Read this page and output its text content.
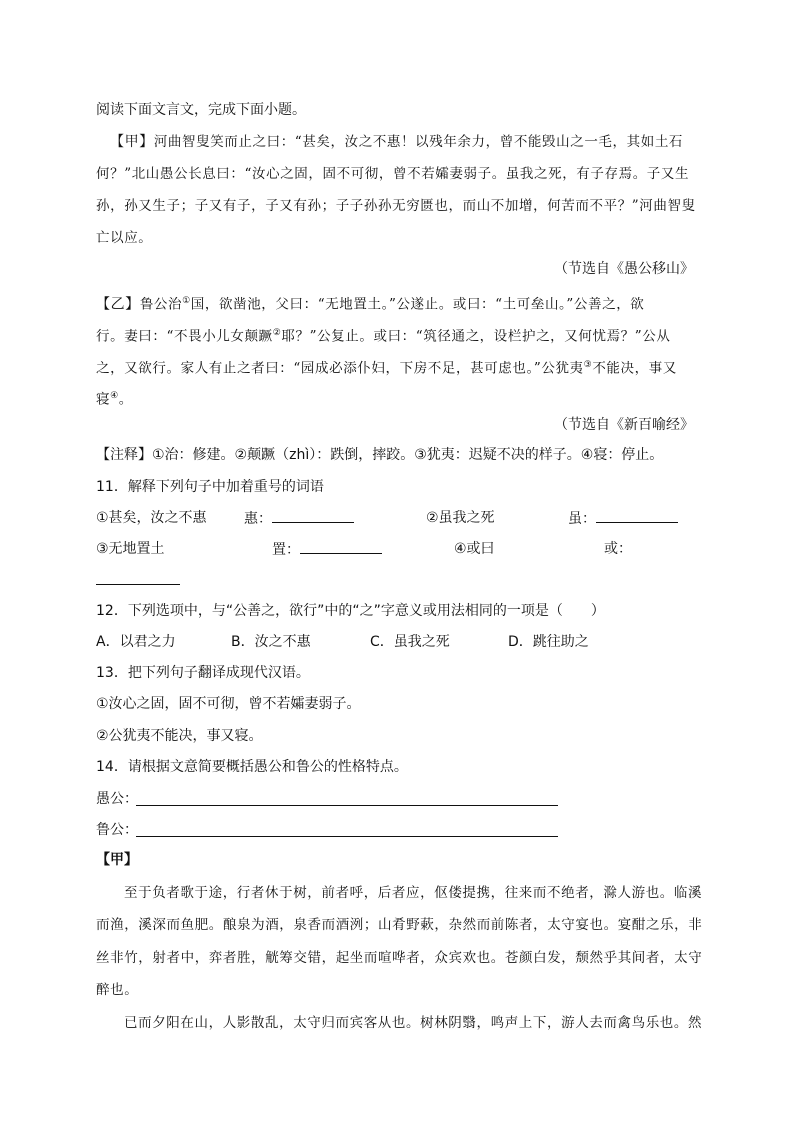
阅读下面文言文，完成下面小题。
【甲】河曲智叟笑而止之曰：“甚矣，汝之不惠！以残年余力，曾不能毁山之一毛，其如土石
何？”北山愚公长息曰：“汝心之固，固不可彻，曾不若孀妻弱子。虽我之死，有子存焉。子又生
孙，孙又生子；子又有子，子又有孙；子子孙孙无穷匮也，而山不加增，何苦而不平？”河曲智叟
亡以应。
（节选自《愚公移山》
【乙】鲁公治①国，欲凿池，父曰：“无地置土。”公遂止。或曰：“土可垒山。”公善之，欲
行。妻曰：“不畏小儿女颠蹶②耶？”公复止。或曰：“筑径通之，设栏护之，又何忧焉？”公从
之，又欲行。家人有止之者曰：“园成必添仆妇，下房不足，甚可虑也。”公犹夷③不能决，事又
寝④。
（节选自《新百喻经》
【注释】①治：修建。②颠蹶（zhì）：跌倒，摔跤。③犹夷：迟疑不决的样子。④寝：停止。
11．解释下列句子中加着重号的词语
①甚矣，汝之不惠	惠：	②虽我之死	虽：
③无地置土	置：	④或曰	或：
12．下列选项中，与“公善之，欲行”中的“之”字意义或用法相同的一项是（　　）
A．以君之力	B．汝之不惠	C．虽我之死	D．跳往助之
13．把下列句子翻译成现代汉语。
①汝心之固，固不可彻，曾不若孀妻弱子。
②公犹夷不能决，事又寝。
14．请根据文意简要概括愚公和鲁公的性格特点。
愚公：
鲁公：
【甲】
至于负者歌于途，行者休于树，前者呼，后者应，伛偻提携，往来而不绝者，滁人游也。临溪
而渔，溪深而鱼肥。酿泉为酒，泉香而酒洌；山肴野蔌，杂然而前陈者，太守宴也。宴酣之乐，非
丝非竹，射者中，弈者胜，觥筹交错，起坐而喧哗者，众宾欢也。苍颜白发，颓然乎其间者，太守
醉也。
已而夕阳在山，人影散乱，太守归而宾客从也。树林阴翳，鸣声上下，游人去而禽鸟乐也。然
